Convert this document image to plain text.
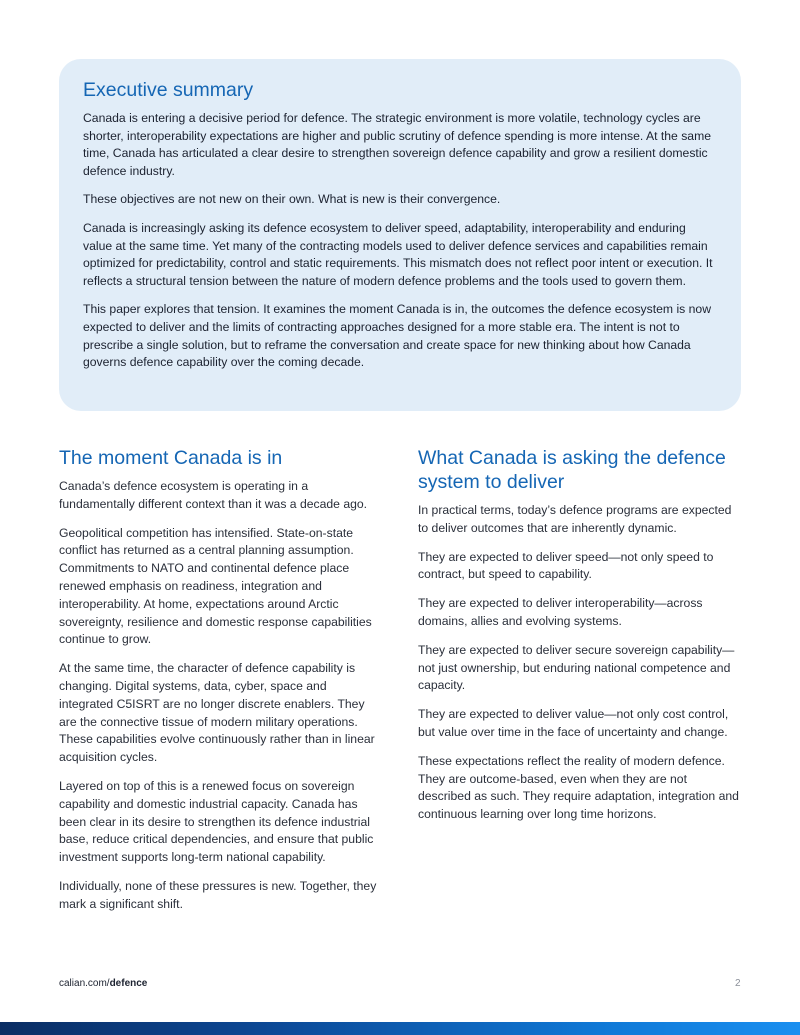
Executive summary

Canada is entering a decisive period for defence. The strategic environment is more volatile, technology cycles are shorter, interoperability expectations are higher and public scrutiny of defence spending is more intense. At the same time, Canada has articulated a clear desire to strengthen sovereign defence capability and grow a resilient domestic defence industry.

These objectives are not new on their own. What is new is their convergence.

Canada is increasingly asking its defence ecosystem to deliver speed, adaptability, interoperability and enduring value at the same time. Yet many of the contracting models used to deliver defence services and capabilities remain optimized for predictability, control and static requirements. This mismatch does not reflect poor intent or execution. It reflects a structural tension between the nature of modern defence problems and the tools used to govern them.

This paper explores that tension. It examines the moment Canada is in, the outcomes the defence ecosystem is now expected to deliver and the limits of contracting approaches designed for a more stable era. The intent is not to prescribe a single solution, but to reframe the conversation and create space for new thinking about how Canada governs defence capability over the coming decade.

The moment Canada is in

Canada’s defence ecosystem is operating in a fundamentally different context than it was a decade ago.

Geopolitical competition has intensified. State-on-state conflict has returned as a central planning assumption. Commitments to NATO and continental defence place renewed emphasis on readiness, integration and interoperability. At home, expectations around Arctic sovereignty, resilience and domestic response capabilities continue to grow.

At the same time, the character of defence capability is changing. Digital systems, data, cyber, space and integrated C5ISRT are no longer discrete enablers. They are the connective tissue of modern military operations. These capabilities evolve continuously rather than in linear acquisition cycles.

Layered on top of this is a renewed focus on sovereign capability and domestic industrial capacity. Canada has been clear in its desire to strengthen its defence industrial base, reduce critical dependencies, and ensure that public investment supports long-term national capability.

Individually, none of these pressures is new. Together, they mark a significant shift.

What Canada is asking the defence system to deliver

In practical terms, today’s defence programs are expected to deliver outcomes that are inherently dynamic.

They are expected to deliver speed—not only speed to contract, but speed to capability.

They are expected to deliver interoperability—across domains, allies and evolving systems.

They are expected to deliver secure sovereign capability—not just ownership, but enduring national competence and capacity.

They are expected to deliver value—not only cost control, but value over time in the face of uncertainty and change.

These expectations reflect the reality of modern defence. They are outcome-based, even when they are not described as such. They require adaptation, integration and continuous learning over long time horizons.

calian.com/defence	2
